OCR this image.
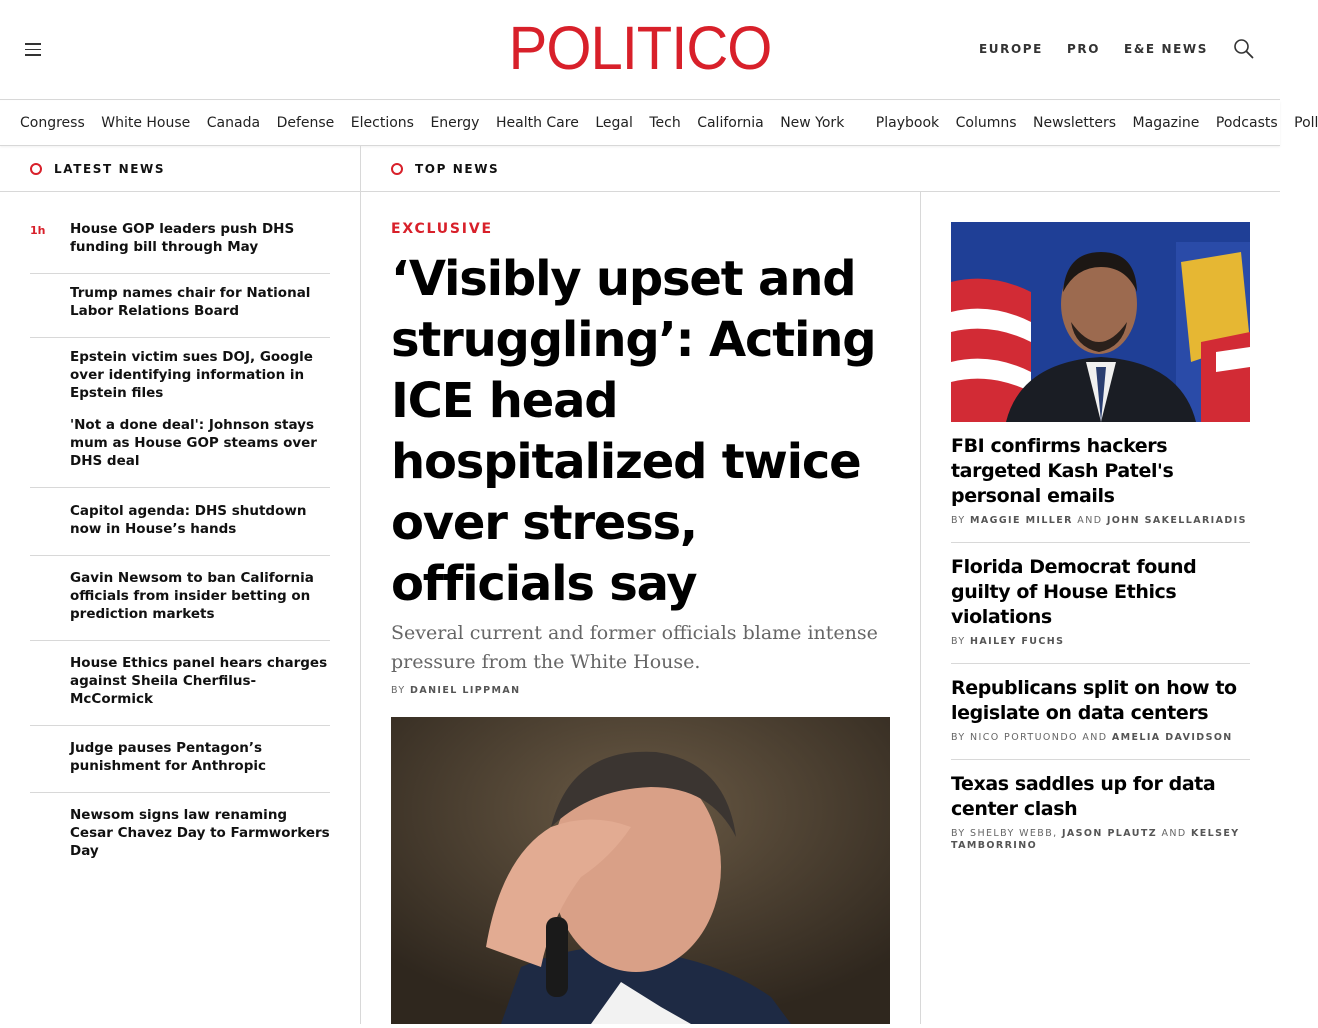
POLITICO	EUROPE PRO E&E NEWS
Congress White House Canada Defense Elections Energy Health Care Legal Tech California New York Playbook Columns Newsletters Magazine Podcasts Poll
LATEST NEWS	TOP NEWS
1h House GOP leaders push DHS funding bill through May
Trump names chair for National Labor Relations Board
Epstein victim sues DOJ, Google over identifying information in Epstein files
'Not a done deal': Johnson stays mum as House GOP steams over DHS deal
Capitol agenda: DHS shutdown now in House’s hands
Gavin Newsom to ban California officials from insider betting on prediction markets
House Ethics panel hears charges against Sheila Cherfilus-McCormick
Judge pauses Pentagon’s punishment for Anthropic
Newsom signs law renaming Cesar Chavez Day to Farmworkers Day
EXCLUSIVE
‘Visibly upset and struggling’: Acting ICE head hospitalized twice over stress, officials say

Several current and former officials blame intense pressure from the White House.

BY DANIEL LIPPMAN
FBI confirms hackers targeted Kash Patel's personal emails
BY MAGGIE MILLER AND JOHN SAKELLARIADIS
Florida Democrat found guilty of House Ethics violations
BY HAILEY FUCHS
Republicans split on how to legislate on data centers
BY NICO PORTUONDO AND AMELIA DAVIDSON
Texas saddles up for data center clash
BY SHELBY WEBB, JASON PLAUTZ AND KELSEY TAMBORRINO
